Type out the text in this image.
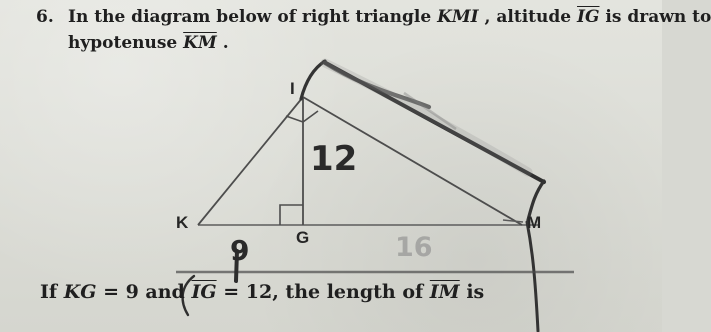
6. In the diagram below of right triangle KMI , altitude $\overline{IG}$ is drawn to
hypotenuse $\overline{KM}$ .
I
K	M
G
12
9	16
If KG = 9 and $\overline{IG} = 12$, the length of $\overline{IM}$ is
